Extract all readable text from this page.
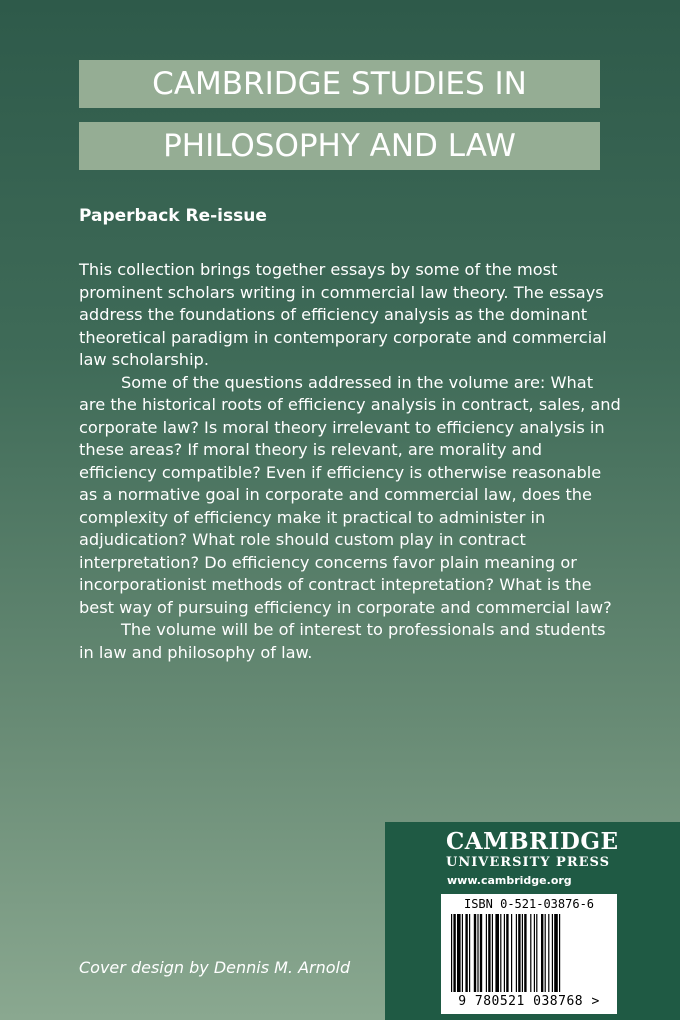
CAMBRIDGE STUDIES IN
PHILOSOPHY AND LAW
Paperback Re-issue

This collection brings together essays by some of the most prominent scholars writing in commercial law theory. The essays address the foundations of efficiency analysis as the dominant theoretical paradigm in contemporary corporate and commercial law scholarship.

Some of the questions addressed in the volume are: What are the historical roots of efficiency analysis in contract, sales, and corporate law? Is moral theory irrelevant to efficiency analysis in these areas? If moral theory is relevant, are morality and efficiency compatible? Even if efficiency is otherwise reasonable as a normative goal in corporate and commercial law, does the complexity of efficiency make it practical to administer in adjudication? What role should custom play in contract interpretation? Do efficiency concerns favor plain meaning or incorporationist methods of contract intepretation? What is the best way of pursuing efficiency in corporate and commercial law?

The volume will be of interest to professionals and students in law and philosophy of law.

Cover design by Dennis M. Arnold
CAMBRIDGE
UNIVERSITY PRESS
www.cambridge.org
ISBN 0-521-03876-6
9 780521 038768 >
